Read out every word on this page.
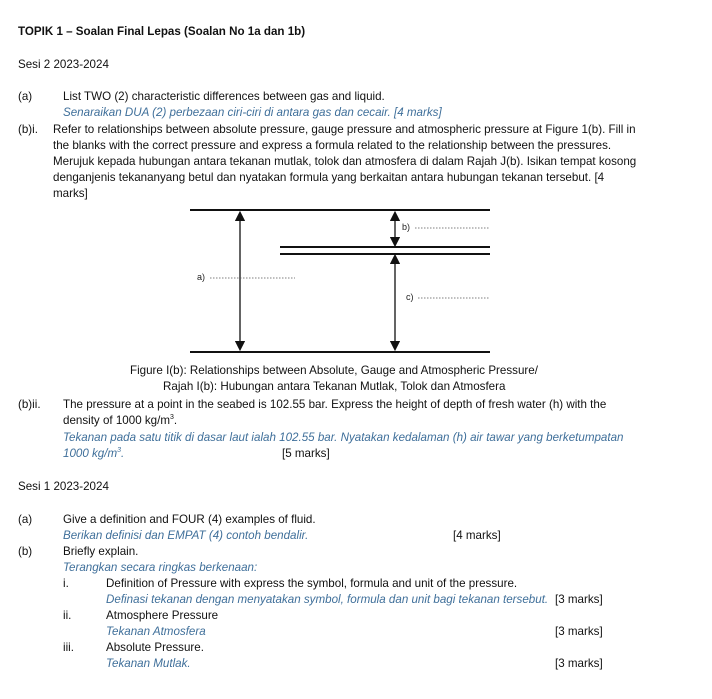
TOPIK 1 – Soalan Final Lepas (Soalan No 1a dan 1b)
Sesi 2 2023-2024
(a)	List TWO (2) characteristic differences between gas and liquid.
Senaraikan DUA (2) perbezaan ciri-ciri di antara gas dan cecair. [4 marks]
(b)i. Refer to relationships between absolute pressure, gauge pressure and atmospheric pressure at Figure 1(b). Fill in
the blanks with the correct pressure and express a formula related to the relationship between the pressures.
Merujuk kepada hubungan antara tekanan mutlak, tolok dan atmosfera di dalam Rajah J(b). Isikan tempat kosong
denganjenis tekananyang betul dan nyatakan formula yang berkaitan antara hubungan tekanan tersebut. [4
marks]
a)
b)
c)
Figure I(b): Relationships between Absolute, Gauge and Atmospheric Pressure/
Rajah I(b): Hubungan antara Tekanan Mutlak, Tolok dan Atmosfera
(b)ii. The pressure at a point in the seabed is 102.55 bar. Express the height of depth of fresh water (h) with the
density of 1000 $kg/m^3$.
Tekanan pada satu titik di dasar laut ialah 102.55 bar. Nyatakan kedalaman (h) air tawar yang berketumpatan
1000 $kg/m^3$.	[5 marks]
Sesi 1 2023-2024
(a)	Give a definition and FOUR (4) examples of fluid.
Berikan definisi dan EMPAT (4) contoh bendalir.	[4 marks]
(b)	Briefly explain.
Terangkan secara ringkas berkenaan:
i.	Definition of Pressure with express the symbol, formula and unit of the pressure.
Definasi tekanan dengan menyatakan symbol, formula dan unit bagi tekanan tersebut. [3 marks]
ii.	Atmosphere Pressure
Tekanan Atmosfera	[3 marks]
iii.	Absolute Pressure.
Tekanan Mutlak.	[3 marks]
